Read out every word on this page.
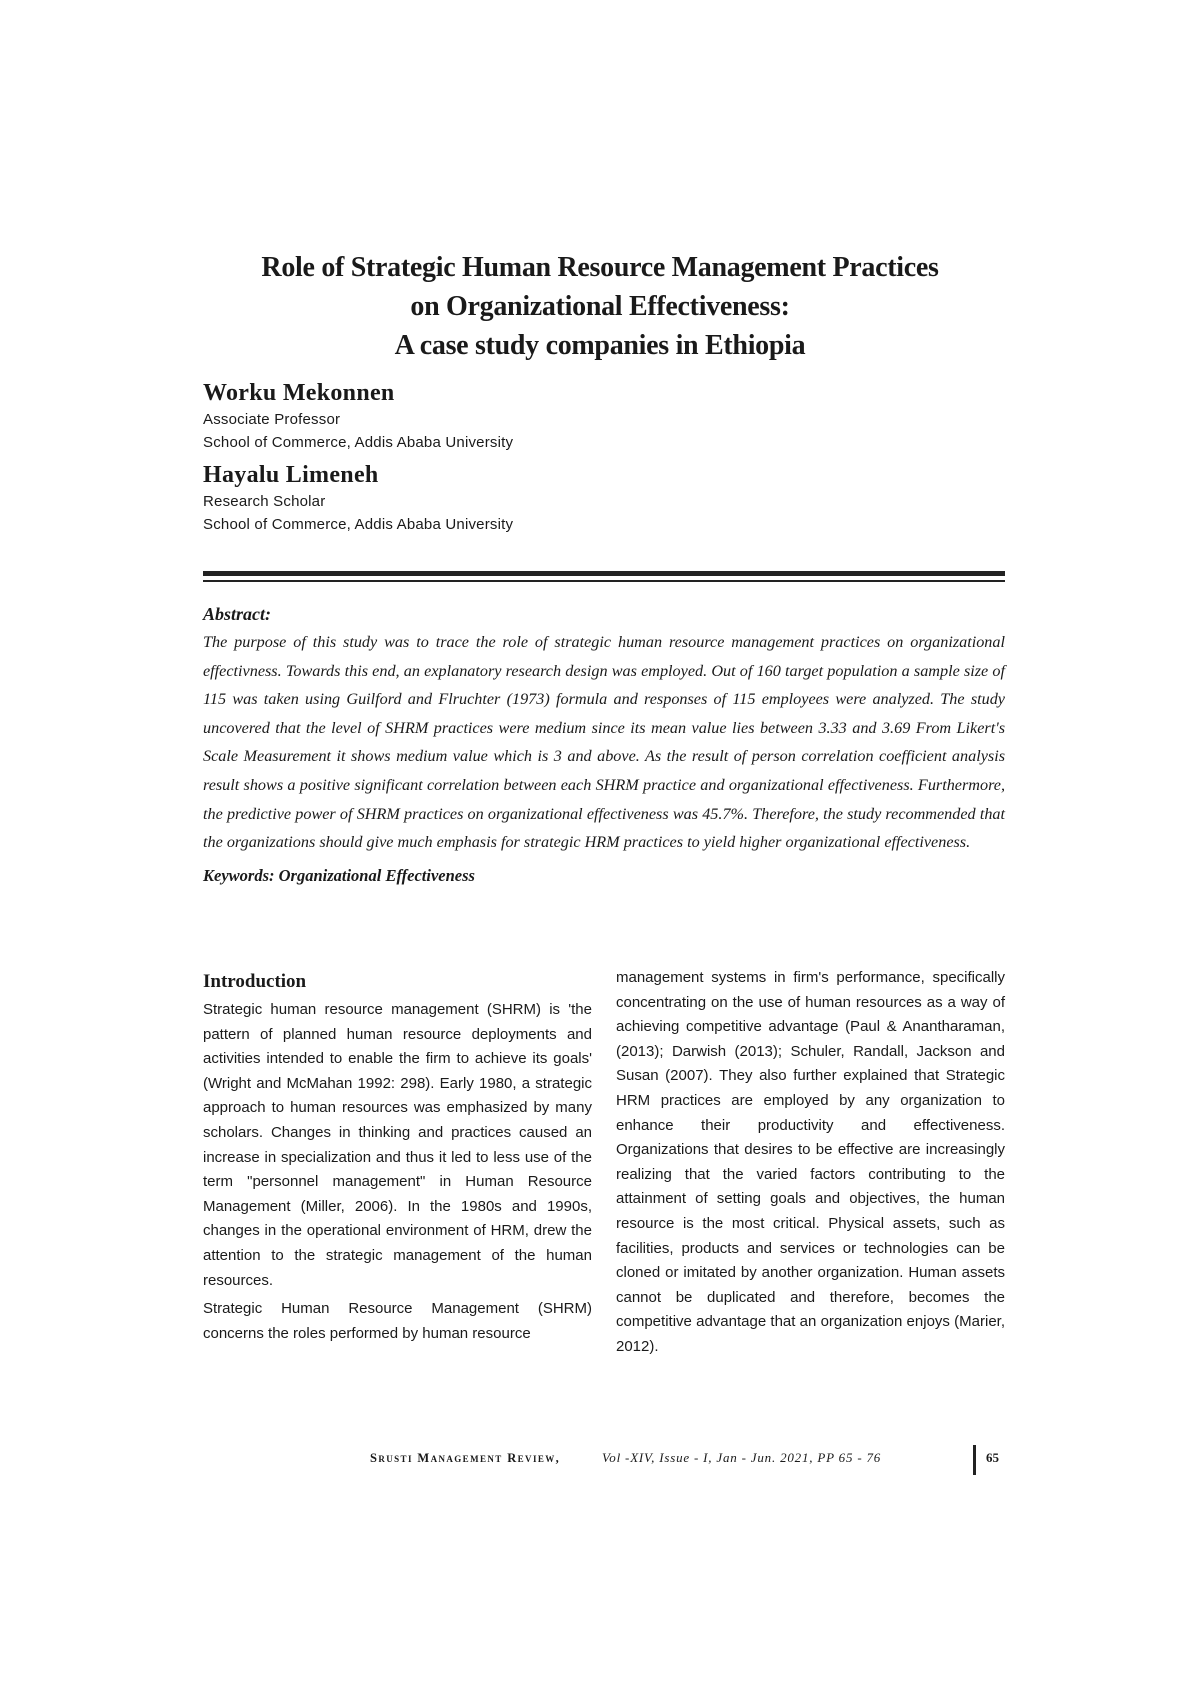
Role of Strategic Human Resource Management Practices
on Organizational Effectiveness:
A case study companies in Ethiopia
Worku Mekonnen
Associate Professor
School of Commerce, Addis Ababa University
Hayalu Limeneh
Research Scholar
School of Commerce, Addis Ababa University
Abstract:

The purpose of this study was to trace the role of strategic human resource management practices on organizational effectivness. Towards this end, an explanatory research design was employed. Out of 160 target population a sample size of 115 was taken using Guilford and Flruchter (1973) formula and responses of 115 employees were analyzed. The study uncovered that the level of SHRM practices were medium since its mean value lies between 3.33 and 3.69 From Likert's Scale Measurement it shows medium value which is 3 and above. As the result of person correlation coefficient analysis result shows a positive significant correlation between each SHRM practice and organizational effectiveness. Furthermore, the predictive power of SHRM practices on organizational effectiveness was 45.7%. Therefore, the study recommended that the organizations should give much emphasis for strategic HRM practices to yield higher organizational effectiveness.

Keywords: Organizational Effectiveness
Introduction

Strategic human resource management (SHRM) is 'the pattern of planned human resource deployments and activities intended to enable the firm to achieve its goals' (Wright and McMahan 1992: 298). Early 1980, a strategic approach to human resources was emphasized by many scholars. Changes in thinking and practices caused an increase in specialization and thus it led to less use of the term "personnel management" in Human Resource Management (Miller, 2006). In the 1980s and 1990s, changes in the operational environment of HRM, drew the attention to the strategic management of the human resources.

Strategic Human Resource Management (SHRM) concerns the roles performed by human resource

management systems in firm's performance, specifically concentrating on the use of human resources as a way of achieving competitive advantage (Paul & Anantharaman, (2013); Darwish (2013); Schuler, Randall, Jackson and Susan (2007). They also further explained that Strategic HRM practices are employed by any organization to enhance their productivity and effectiveness. Organizations that desires to be effective are increasingly realizing that the varied factors contributing to the attainment of setting goals and objectives, the human resource is the most critical. Physical assets, such as facilities, products and services or technologies can be cloned or imitated by another organization. Human assets cannot be duplicated and therefore, becomes the competitive advantage that an organization enjoys (Marier, 2012).

Srusti Management Review,	Vol -XIV, Issue - I, Jan - Jun. 2021, PP 65 - 76	65
